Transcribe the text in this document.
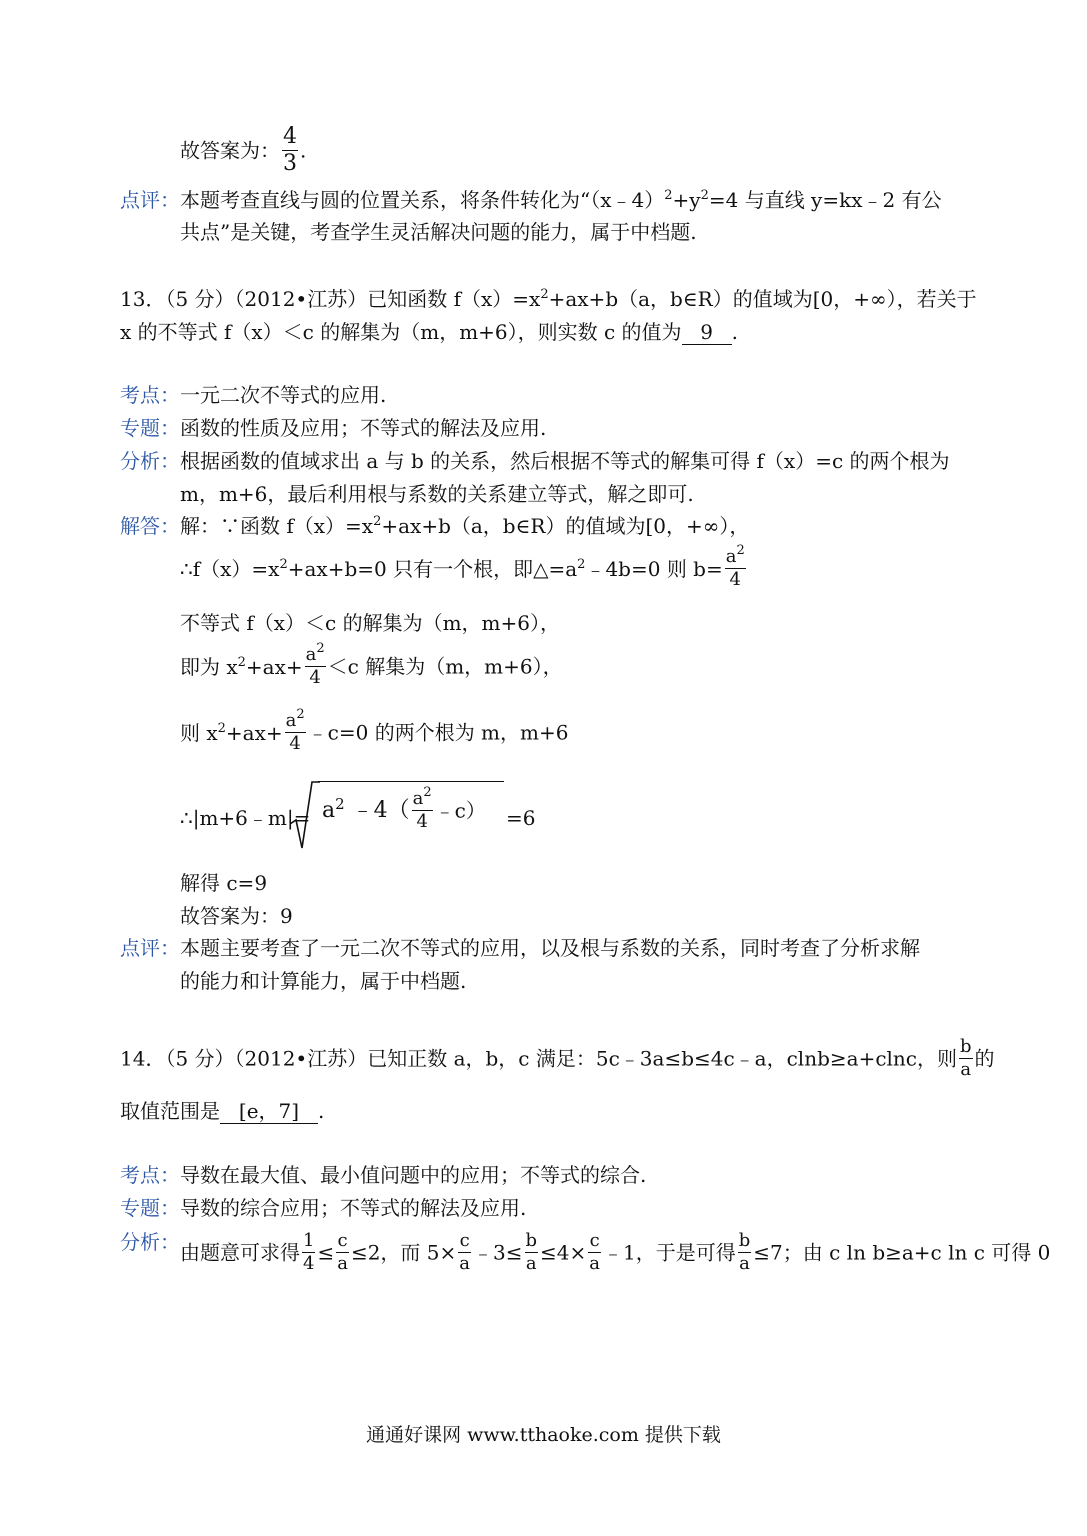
故答案为： $\frac{4}{3}$ .
点评：本题考查直线与圆的位置关系，将条件转化为“$(x﹣4)^2+y^2=4$ 与直线 y=kx﹣2 有公
共点”是关键，考查学生灵活解决问题的能力，属于中档题.
13．（5 分）（2012•江苏）已知函数 $f(x)=x^2+ax+b(a$，b∈R）的值域为[0，+∞），若关于
x 的不等式 f（x）＜c 的解集为（m，m+6），则实数 c 的值为 9 .
考点：一元二次不等式的应用.
专题：函数的性质及应用；不等式的解法及应用.
分析：根据函数的值域求出 a 与 b 的关系，然后根据不等式的解集可得 f（x）=c 的两个根为
m，m+6，最后利用根与系数的关系建立等式，解之即可.
解答：解：∵函数 $f(x)=x^2+ax+b(a$，b∈R）的值域为[0，+∞），
$\therefore f(x)=x^2+ax+b=0$ 只有一个根，即$\triangle=a^2﹣4b=0$ 则 $b= \frac{a^2}{4}$
不等式 f（x）＜c 的解集为（m，m+6），
即为 $x^2+ax+ \frac{a^2}{4} <c$ 解集为（m，m+6），
则 $x^2+ax+ \frac{a^2}{4}$ ﹣c=0 的两个根为 m，m+6
∴|m+6﹣m|= $a^2$ ﹣4（ $\frac{a^2}{4}$ ﹣c） =6
解得 c=9
故答案为：9
点评：本题主要考查了一元二次不等式的应用，以及根与系数的关系，同时考查了分析求解
的能力和计算能力，属于中档题.
14．（5 分）（2012•江苏）已知正数 a，b，c 满足：5c﹣3a≤b≤4c﹣a，clnb≥a+clnc，则 $\frac{b}{a}$ 的
取值范围是 [e，7] .
考点：导数在最大值、最小值问题中的应用；不等式的综合.
专题：导数的综合应用；不等式的解法及应用.
分析： 由题意可求得 $\frac{1}{4} \le \frac{c}{a} \le 2$，而 $5\times \frac{c}{a}$ ﹣3≤ $\frac{b}{a} \le 4\times \frac{c}{a}$ ﹣1，于是可得 $\frac{b}{a} \le 7$；由 c ln b≥a+c ln c 可得 0
通通好课网 www.tthaoke.com 提供下载
